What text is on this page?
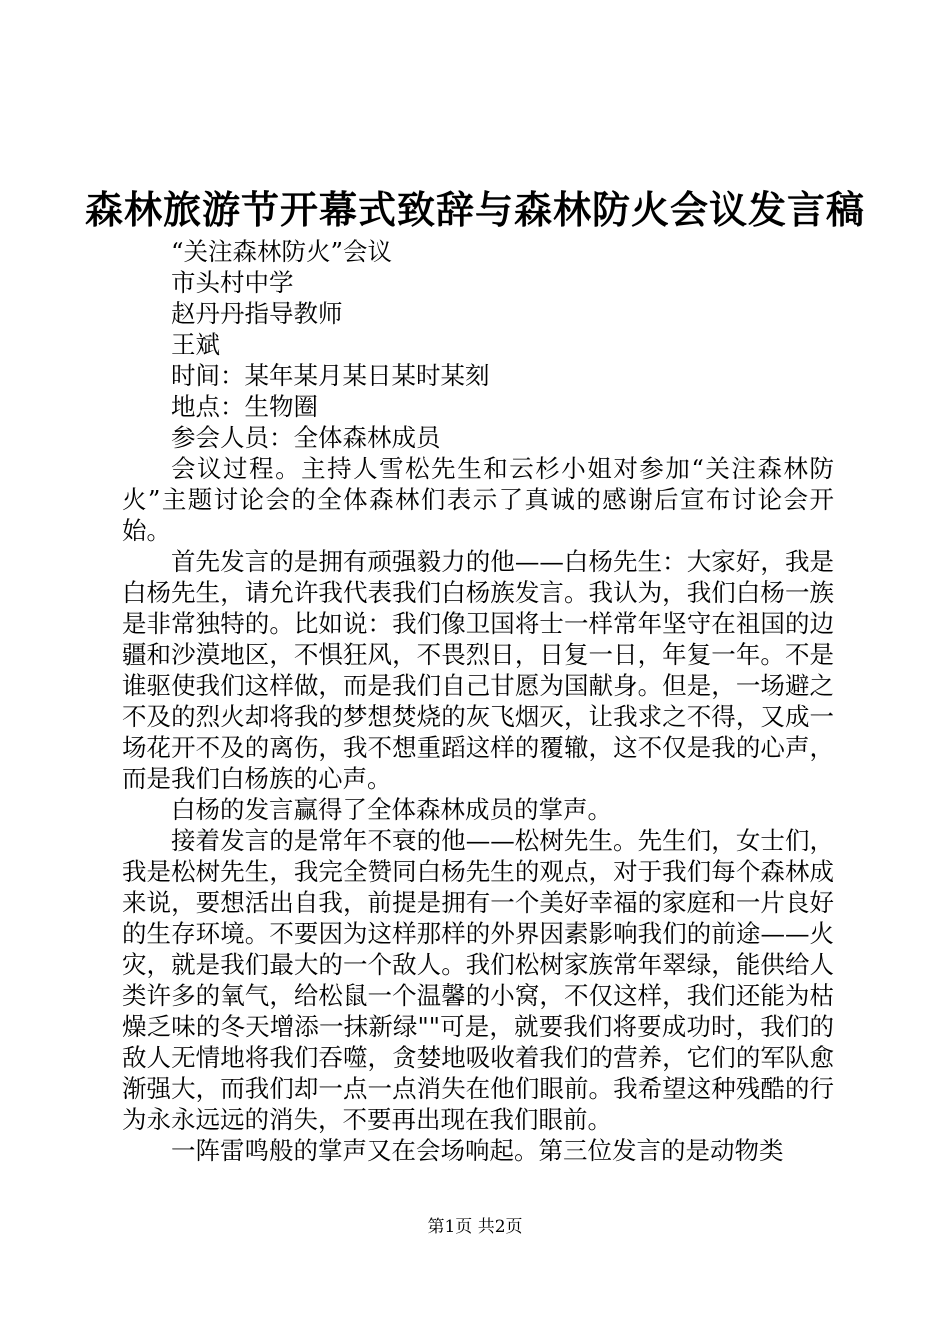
森林旅游节开幕式致辞与森林防火会议发言稿

“关注森林防火”会议

市头村中学

赵丹丹指导教师

王斌

时间：某年某月某日某时某刻

地点：生物圈

参会人员：全体森林成员

会议过程。主持人雪松先生和云杉小姐对参加“关注森林防火”主题讨论会的全体森林们表示了真诚的感谢后宣布讨论会开始。

首先发言的是拥有顽强毅力的他——白杨先生：大家好，我是白杨先生，请允许我代表我们白杨族发言。我认为，我们白杨一族是非常独特的。比如说：我们像卫国将士一样常年坚守在祖国的边疆和沙漠地区，不惧狂风，不畏烈日，日复一日，年复一年。不是谁驱使我们这样做，而是我们自己甘愿为国献身。但是，一场避之不及的烈火却将我的梦想焚烧的灰飞烟灭，让我求之不得，又成一场花开不及的离伤，我不想重蹈这样的覆辙，这不仅是我的心声，而是我们白杨族的心声。

白杨的发言赢得了全体森林成员的掌声。

接着发言的是常年不衰的他——松树先生。先生们，女士们，我是松树先生，我完全赞同白杨先生的观点，对于我们每个森林成来说，要想活出自我，前提是拥有一个美好幸福的家庭和一片良好的生存环境。不要因为这样那样的外界因素影响我们的前途——火灾，就是我们最大的一个敌人。我们松树家族常年翠绿，能供给人类许多的氧气，给松鼠一个温馨的小窝，不仅这样，我们还能为枯燥乏味的冬天增添一抹新绿""可是，就要我们将要成功时，我们的敌人无情地将我们吞噬，贪婪地吸收着我们的营养，它们的军队愈渐强大，而我们却一点一点消失在他们眼前。我希望这种残酷的行为永永远远的消失，不要再出现在我们眼前。

一阵雷鸣般的掌声又在会场响起。第三位发言的是动物类

第1页 共2页
